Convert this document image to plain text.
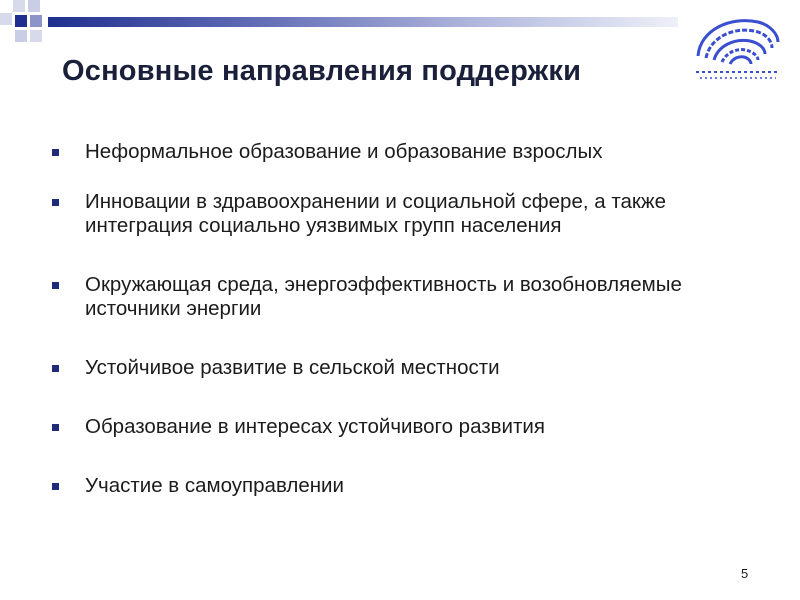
Основные направления поддержки
Неформальное образование и образование взрослых
Инновации в здравоохранении и социальной сфере, а также интеграция социально уязвимых групп населения
Окружающая среда, энергоэффективность и возобновляемые источники энергии
Устойчивое развитие в сельской местности
Образование в интересах устойчивого развития
Участие в самоуправлении
5
